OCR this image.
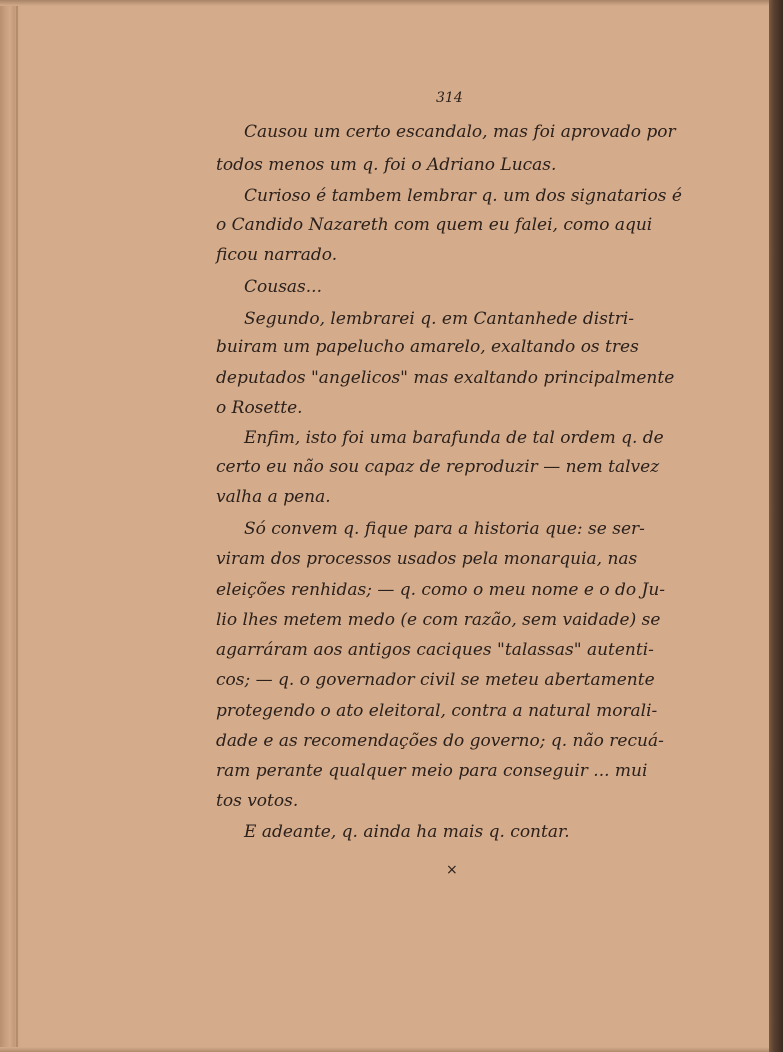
314
Causou um certo escandalo, mas foi aprovado por
todos menos um q. foi o Adriano Lucas.
Curioso é tambem lembrar q. um dos signatarios é
o Candido Nazareth com quem eu falei, como aqui
ficou narrado.
Cousas...
Segundo, lembrarei q. em Cantanhede distri-
buiram um papelucho amarelo, exaltando os tres
deputados "angelicos" mas exaltando principalmente
o Rosette.
Enfim, isto foi uma barafunda de tal ordem q. de
certo eu não sou capaz de reproduzir — nem talvez
valha a pena.
Só convem q. fique para a historia que: se ser-
viram dos processos usados pela monarquia, nas
eleições renhidas; — q. como o meu nome e o do Ju-
lio lhes metem medo (e com razão, sem vaidade) se
agarráram aos antigos caciques "talassas" autenti-
cos; — q. o governador civil se meteu abertamente
protegendo o ato eleitoral, contra a natural morali-
dade e as recomendações do governo; q. não recuá-
ram perante qualquer meio para conseguir ... mui
tos votos.
E adeante, q. ainda ha mais q. contar.
×
